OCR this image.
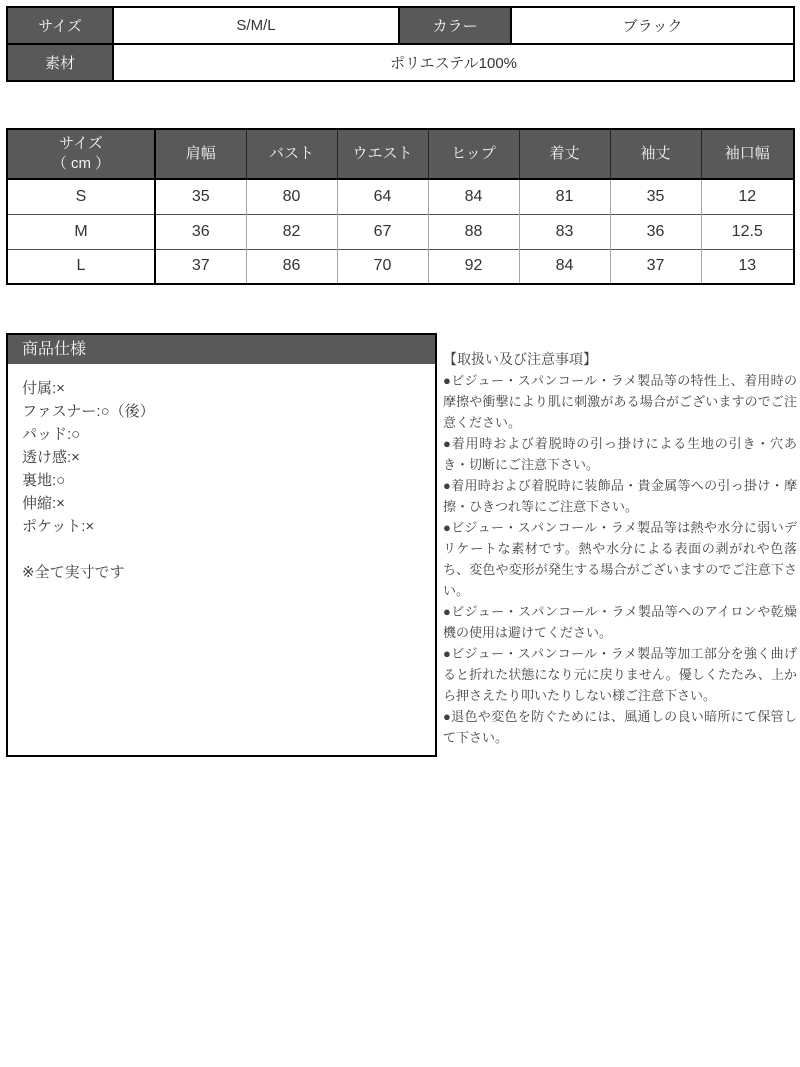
サイズ	S/M/L	カラー	ブラック
素材	ポリエステル100%		
サイズ
（ cm ）	肩幅	バスト	ウエスト	ヒップ	着丈	袖丈	袖口幅
S	35	80	64	84	81	35	12
M	36	82	67	88	83	36	12.5
L	37	86	70	92	84	37	13
商品仕様
付属:×
ファスナー:○（後）
パッド:○
透け感:×
裏地:○
伸縮:×
ポケット:×
※全て実寸です
【取扱い及び注意事項】
●ビジュー・スパンコール・ラメ製品等の特性上、着用時の摩擦や衝撃により肌に刺激がある場合がございますのでご注意ください。
●着用時および着脱時の引っ掛けによる生地の引き・穴あき・切断にご注意下さい。
●着用時および着脱時に装飾品・貴金属等への引っ掛け・摩擦・ひきつれ等にご注意下さい。
●ビジュー・スパンコール・ラメ製品等は熱や水分に弱いデリケートな素材です。熱や水分による表面の剥がれや色落ち、変色や変形が発生する場合がございますのでご注意下さい。
●ビジュー・スパンコール・ラメ製品等へのアイロンや乾燥機の使用は避けてください。
●ビジュー・スパンコール・ラメ製品等加工部分を強く曲げると折れた状態になり元に戻りません。優しくたたみ、上から押さえたり叩いたりしない様ご注意下さい。
●退色や変色を防ぐためには、風通しの良い暗所にて保管して下さい。
